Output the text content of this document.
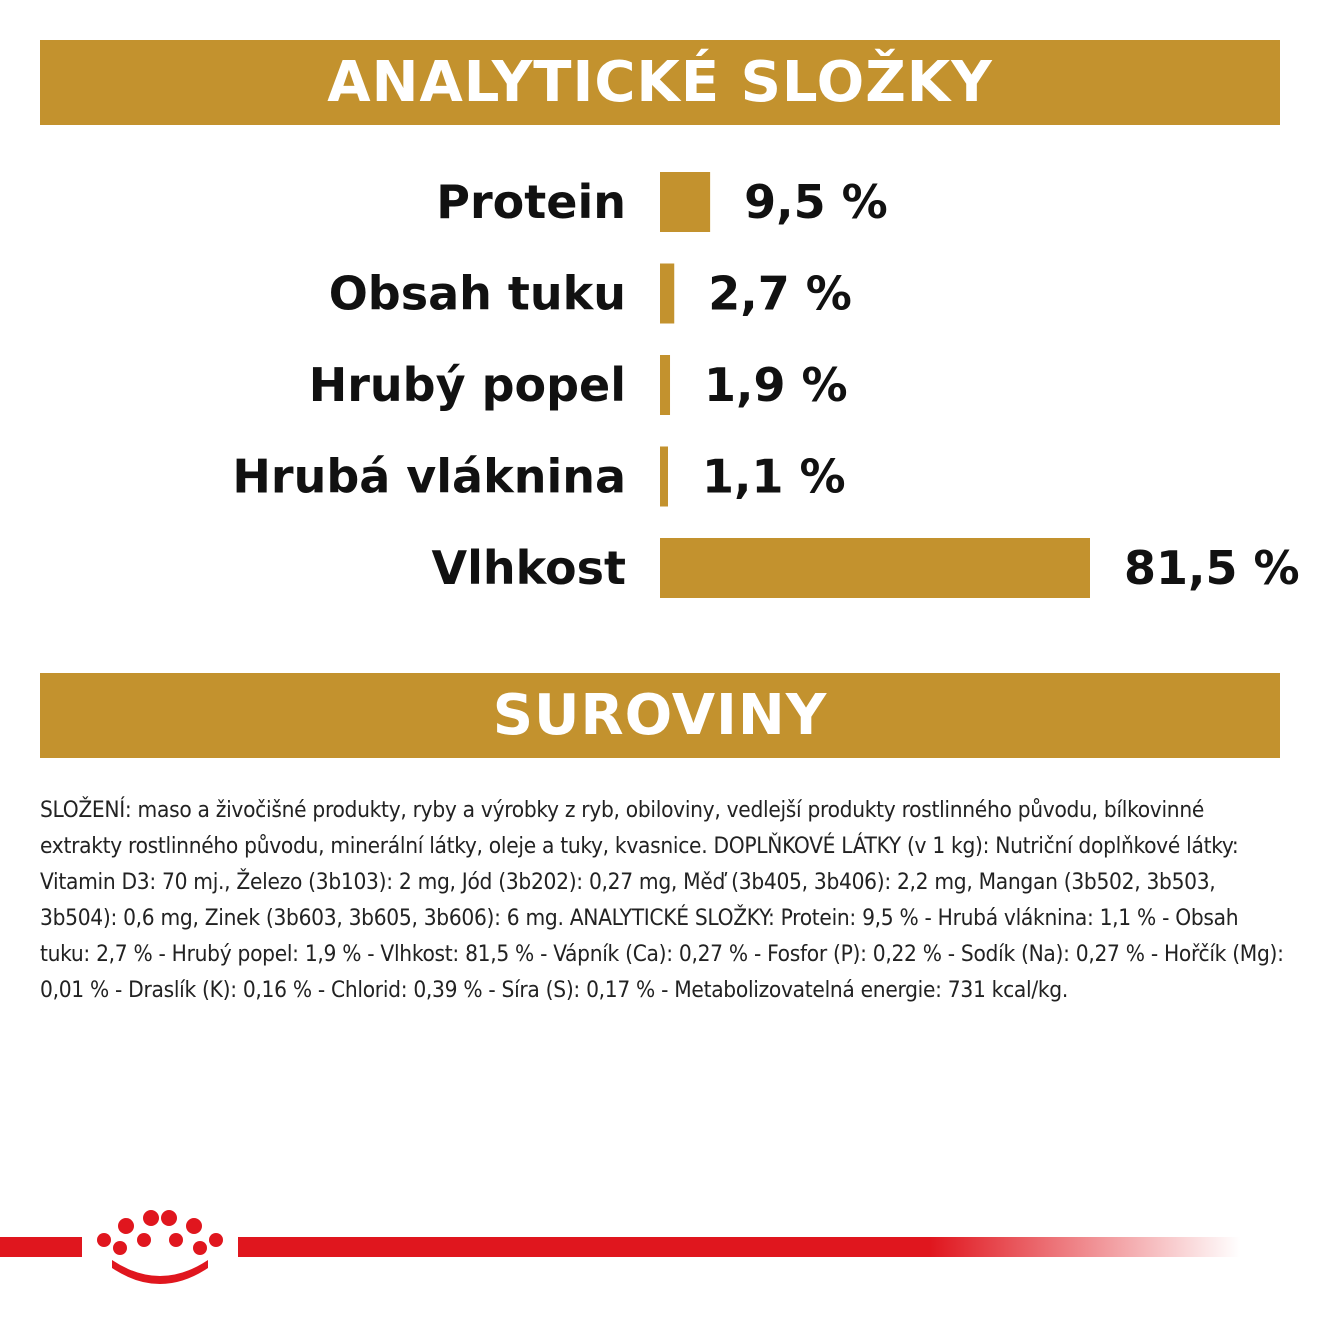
ANALYTICKÉ SLOŽKY
Protein	9,5 %
Obsah tuku 2,7 %
Hrubý popel 1,9 %
Hrubá vláknina 1,1 %
Vlhkost	81,5 %
SUROVINY
SLOŽENÍ: maso a živočišné produkty, ryby a výrobky z ryb, obiloviny, vedlejší produkty rostlinného původu, bílkovinné extrakty rostlinného původu, minerální látky, oleje a tuky, kvasnice. DOPLŇKOVÉ LÁTKY (v 1 kg): Nutriční doplňkové látky: Vitamin D3: 70 mj., Železo (3b103): 2 mg, Jód (3b202): 0,27 mg, Měď (3b405, 3b406): 2,2 mg, Mangan (3b502, 3b503, 3b504): 0,6 mg, Zinek (3b603, 3b605, 3b606): 6 mg. ANALYTICKÉ SLOŽKY: Protein: 9,5 % - Hrubá vláknina: 1,1 % - Obsah tuku: 2,7 % - Hrubý popel: 1,9 % - Vlhkost: 81,5 % - Vápník (Ca): 0,27 % - Fosfor (P): 0,22 % - Sodík (Na): 0,27 % - Hořčík (Mg): 0,01 % - Draslík (K): 0,16 % - Chlorid: 0,39 % - Síra (S): 0,17 % - Metabolizovatelná energie: 731 kcal/kg.
